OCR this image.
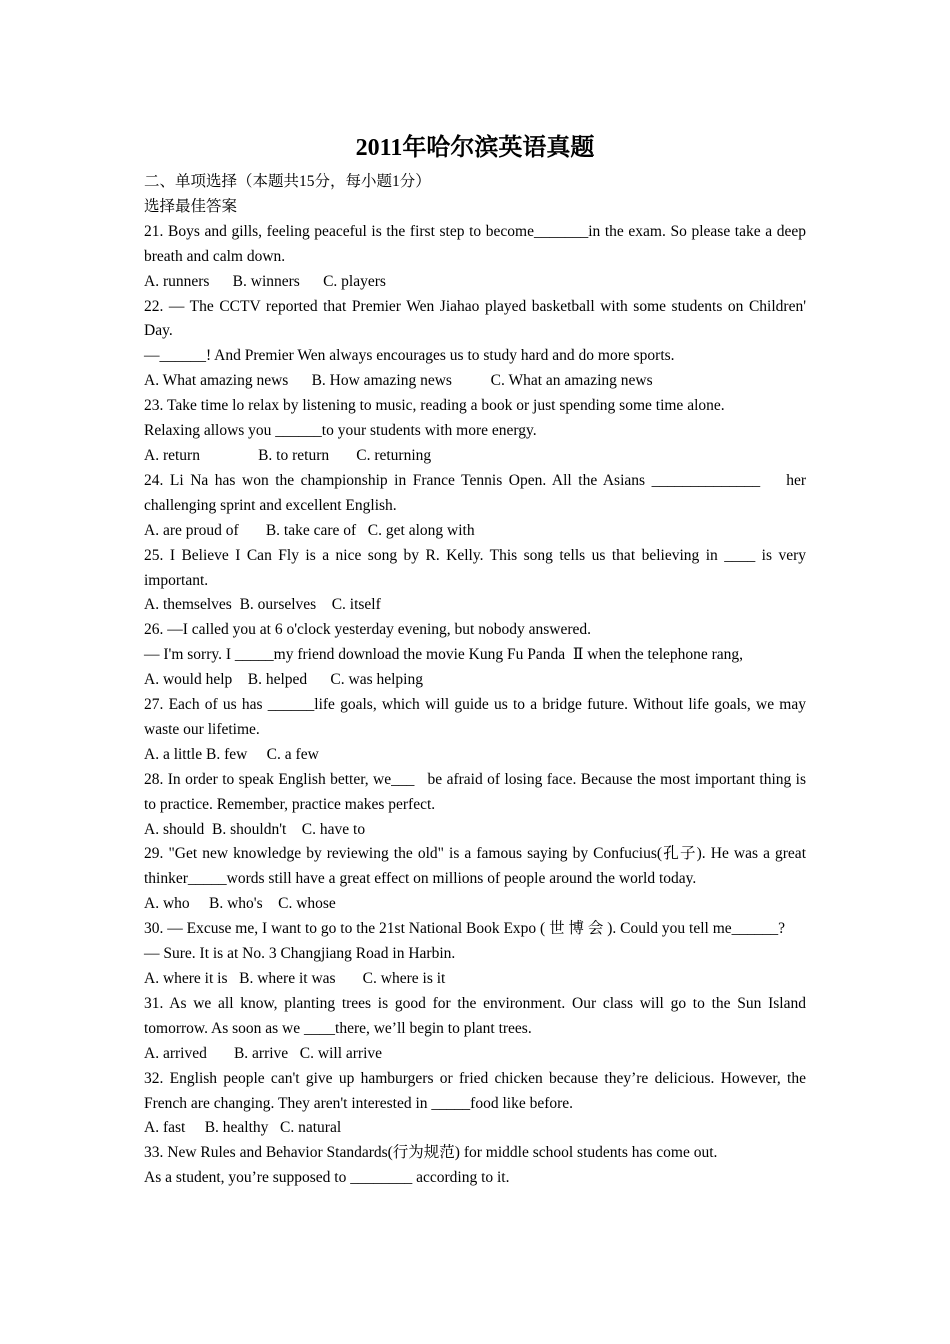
2011年哈尔滨英语真题

二、单项选择（本题共15分，每小题1分）

选择最佳答案

21. Boys and gills, feeling peaceful is the first step to become_______in the exam. So please take a deep breath and calm down.

A. runners      B. winners      C. players

22. — The CCTV reported that Premier Wen Jiahao played basketball with some students on Children' Day.

—______! And Premier Wen always encourages us to study hard and do more sports.

A. What amazing news      B. How amazing news          C. What an amazing news

23. Take time lo relax by listening to music, reading a book or just spending some time alone.

Relaxing allows you ______to your students with more energy.

A. return               B. to return       C. returning

24. Li Na has won the championship in France Tennis Open. All the Asians ______________    her challenging sprint and excellent English.

A. are proud of       B. take care of   C. get along with

25. I Believe I Can Fly is a nice song by R. Kelly. This song tells us that believing in ____ is very important.

A. themselves  B. ourselves    C. itself

26. —I called you at 6 o'clock yesterday evening, but nobody answered.

— I'm sorry. I _____my friend download the movie Kung Fu Panda  Ⅱ when the telephone rang,

A. would help    B. helped      C. was helping

27. Each of us has ______life goals, which will guide us to a bridge future. Without life goals, we may waste our lifetime.

A. a little B. few     C. a few

28. In order to speak English better, we___   be afraid of losing face. Because the most important thing is to practice. Remember, practice makes perfect.

A. should  B. shouldn't    C. have to

29. "Get new knowledge by reviewing the old" is a famous saying by Confucius(孔子). He was a great thinker_____words still have a great effect on millions of people around the world today.

A. who     B. who's    C. whose

30. — Excuse me, I want to go to the 21st National Book Expo ( 世 博 会 ). Could you tell me______?

— Sure. It is at No. 3 Changjiang Road in Harbin.

A. where it is   B. where it was       C. where is it

31. As we all know, planting trees is good for the environment. Our class will go to the Sun Island tomorrow. As soon as we ____there, we’ll begin to plant trees.

A. arrived       B. arrive   C. will arrive

32. English people can't give up hamburgers or fried chicken because they’re delicious. However, the French are changing. They aren't interested in _____food like before.

A. fast     B. healthy   C. natural

33. New Rules and Behavior Standards(行为规范) for middle school students has come out.

As a student, you’re supposed to ________ according to it.
